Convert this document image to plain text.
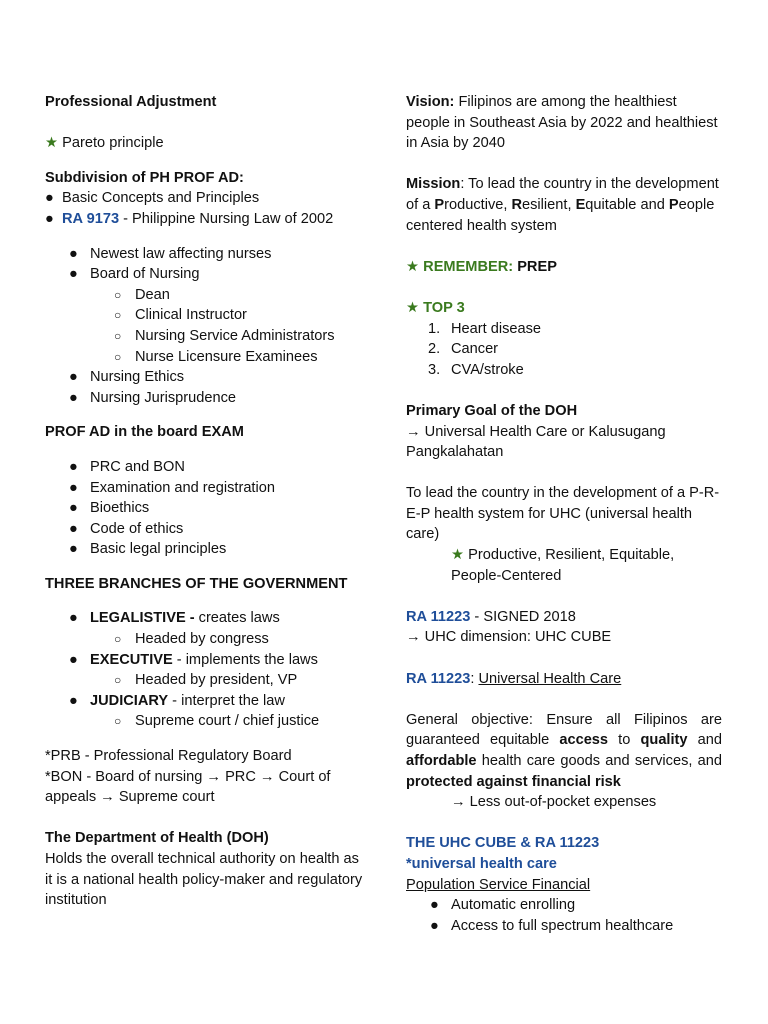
Professional Adjustment

★ Pareto principle

Subdivision of PH PROF AD:

● Basic Concepts and Principles
● RA 9173 - Philippine Nursing Law of 2002
● Newest law affecting nurses
● Board of Nursing
○ Dean
○ Clinical Instructor
○ Nursing Service Administrators
○ Nurse Licensure Examinees
● Nursing Ethics
● Nursing Jurisprudence

PROF AD in the board EXAM

● PRC and BON
● Examination and registration
● Bioethics
● Code of ethics
● Basic legal principles

THREE BRANCHES OF THE GOVERNMENT

● LEGALISTIVE - creates laws
○ Headed by congress
● EXECUTIVE - implements the laws
○ Headed by president, VP
● JUDICIARY - interpret the law
○ Supreme court / chief justice

*PRB - Professional Regulatory Board

*BON - Board of nursing → PRC → Court of appeals → Supreme court

The Department of Health (DOH)

Holds the overall technical authority on health as it is a national health policy-maker and regulatory institution

Vision: Filipinos are among the healthiest people in Southeast Asia by 2022 and healthiest in Asia by 2040

Mission: To lead the country in the development of a Productive, Resilient, Equitable and People centered health system

★ REMEMBER: PREP

★ TOP 3

1. Heart disease
2. Cancer
3. CVA/stroke

Primary Goal of the DOH

→ Universal Health Care or Kalusugang Pangkalahatan

To lead the country in the development of a P-R-E-P health system for UHC (universal health care)

★ Productive, Resilient, Equitable, People-Centered

RA 11223 - SIGNED 2018

→ UHC dimension: UHC CUBE

RA 11223: Universal Health Care

General objective: Ensure all Filipinos are guaranteed equitable access to quality and affordable health care goods and services, and protected against financial risk

→ Less out-of-pocket expenses

THE UHC CUBE & RA 11223

*universal health care

Population Service Financial

● Automatic enrolling
● Access to full spectrum healthcare
